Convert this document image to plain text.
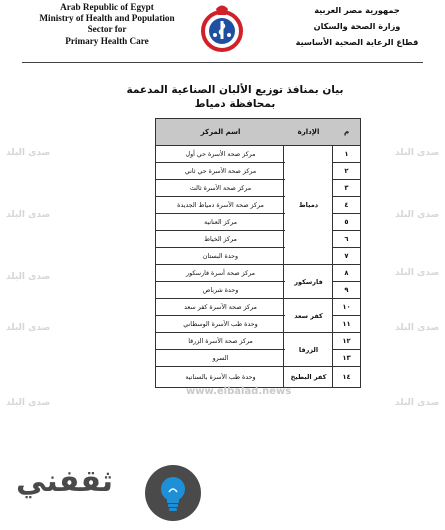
صدى البلد
صدى البلد
صدى البلد
صدى البلد
صدى البلد
صدى البلد
صدى البلد
صدى البلد
صدى البلد
صدى البلد
Arab Republic of Egypt
Ministry of Health and Population
Sector for
Primary Health Care
جمهورية مصر العربية
وزارة الصحة والسكان
قطاع الرعاية الصحية الأساسية
بيان بمنافذ توزيع الألبان الصناعية المدعمة
بمحافظة دمياط
م
١
٢
٣
٤
٥
٦
٧
٨
٩
١٠
١١
١٢
١٣
١٤
الإدارة
دمياط
فارسكور
كفر سعد
الزرقا
كفر البطيخ
اسم المركز
مركز صحة الأسرة حي أول
مركز صحة الأسرة حي ثاني
مركز صحة الأسرة ثالث
مركز صحة الأسرة دمياط الجديدة
مركز العنانية
مركز الخياط
وحدة البستان
مركز صحة أسرة فارسكور
وحدة شرباص
مركز صحة الأسرة كفر سعد
وحدة طب الأسرة الوسطاني
مركز صحة الأسرة الزرقا
السرو
وحدة طب الأسرة بالسنانية
www.elbalad.news
ثقفني
